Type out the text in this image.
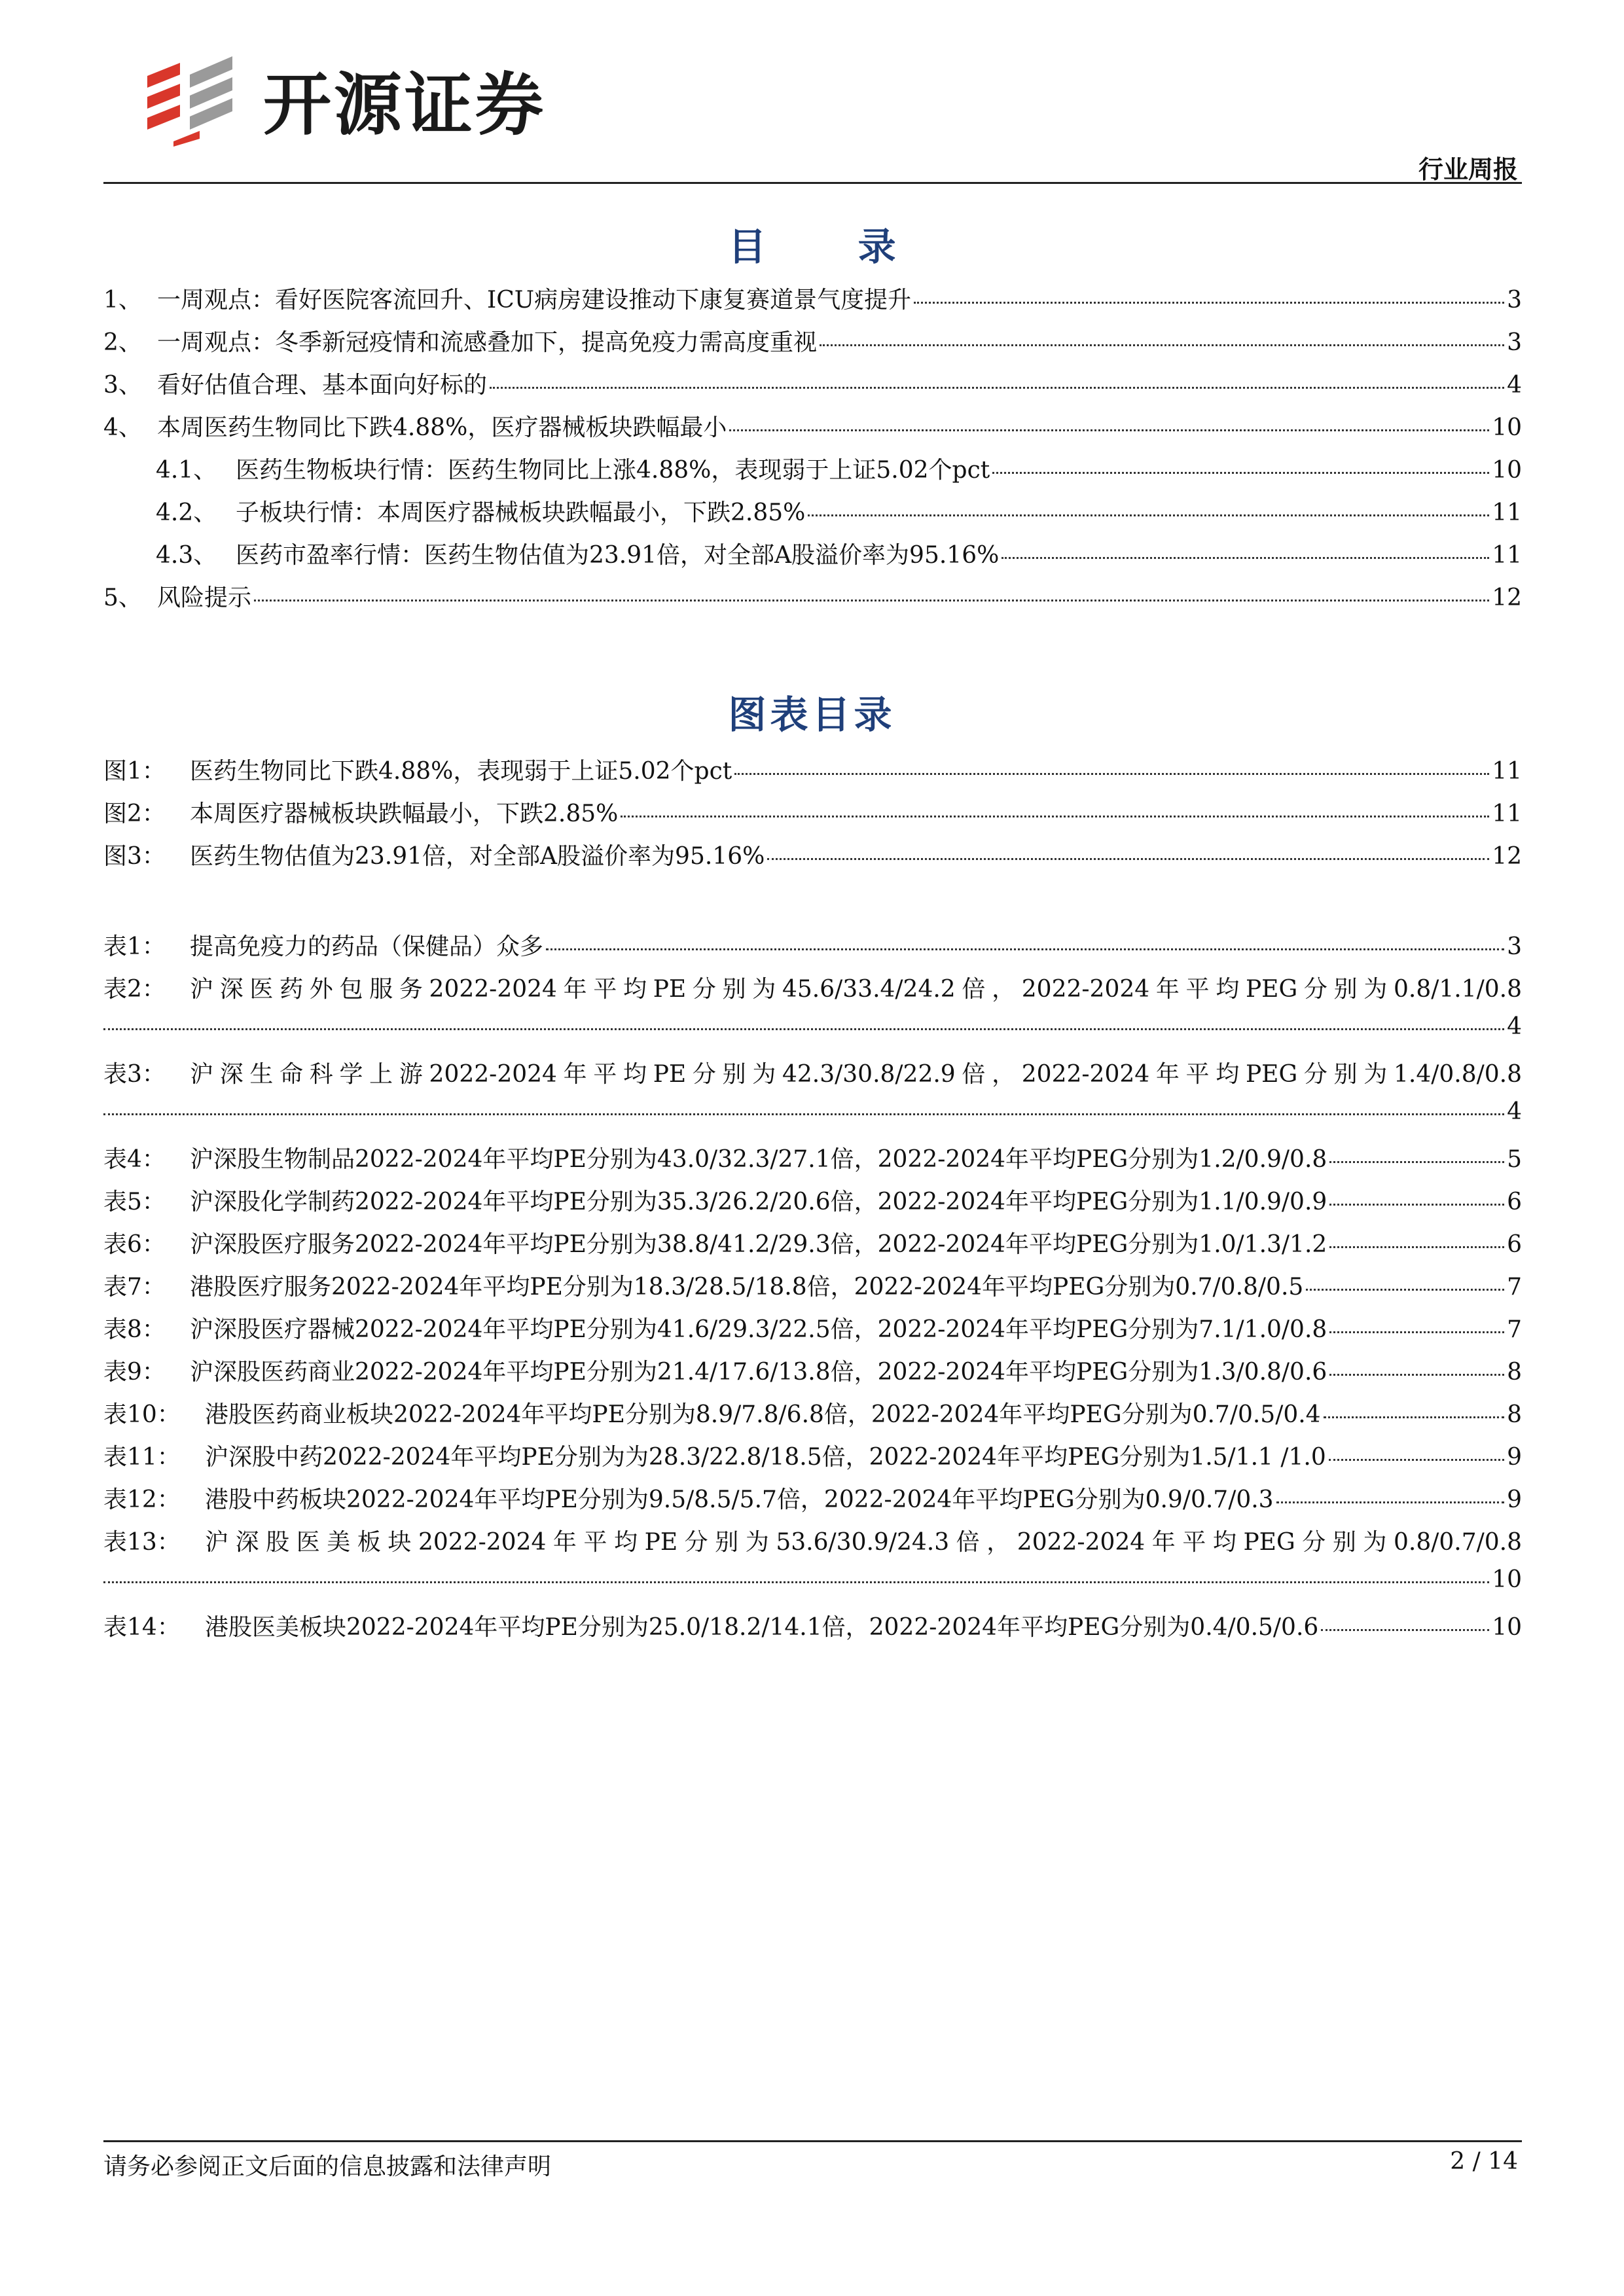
开源证券
行业周报
目 录
1、 一周观点：看好医院客流回升、ICU病房建设推动下康复赛道景气度提升	3
2、 一周观点：冬季新冠疫情和流感叠加下，提高免疫力需高度重视	3
3、 看好估值合理、基本面向好标的	4
4、 本周医药生物同比下跌4.88%，医疗器械板块跌幅最小	10
4.1、 医药生物板块行情：医药生物同比上涨4.88%，表现弱于上证5.02个pct	10
4.2、 子板块行情：本周医疗器械板块跌幅最小，下跌2.85%	11
4.3、 医药市盈率行情：医药生物估值为23.91倍，对全部A股溢价率为95.16%	11
5、 风险提示	12
图表目录
图1：	医药生物同比下跌4.88%，表现弱于上证5.02个pct	11
图2：	本周医疗器械板块跌幅最小，下跌2.85%	11
图3：	医药生物估值为23.91倍，对全部A股溢价率为95.16%	12
表1：	提高免疫力的药品（保健品）众多	3
表2：	沪深医药外包服务2022-2024年平均PE分别为45.6/33.4/24.2倍，2022-2024年平均PEG分别为0.8/1.1/0.8
4
表3：	沪深生命科学上游2022-2024年平均PE分别为42.3/30.8/22.9倍，2022-2024年平均PEG分别为1.4/0.8/0.8
4
表4：	沪深股生物制品2022-2024年平均PE分别为43.0/32.3/27.1倍，2022-2024年平均PEG分别为1.2/0.9/0.8	5
表5：	沪深股化学制药2022-2024年平均PE分别为35.3/26.2/20.6倍，2022-2024年平均PEG分别为1.1/0.9/0.9	6
表6：	沪深股医疗服务2022-2024年平均PE分别为38.8/41.2/29.3倍，2022-2024年平均PEG分别为1.0/1.3/1.2	6
表7：	港股医疗服务2022-2024年平均PE分别为18.3/28.5/18.8倍，2022-2024年平均PEG分别为0.7/0.8/0.5	7
表8：	沪深股医疗器械2022-2024年平均PE分别为41.6/29.3/22.5倍，2022-2024年平均PEG分别为7.1/1.0/0.8	7
表9：	沪深股医药商业2022-2024年平均PE分别为21.4/17.6/13.8倍，2022-2024年平均PEG分别为1.3/0.8/0.6	8
表10：	港股医药商业板块2022-2024年平均PE分别为8.9/7.8/6.8倍，2022-2024年平均PEG分别为0.7/0.5/0.4	8
表11：	沪深股中药2022-2024年平均PE分别为为28.3/22.8/18.5倍，2022-2024年平均PEG分别为1.5/1.1 /1.0	9
表12：	港股中药板块2022-2024年平均PE分别为9.5/8.5/5.7倍，2022-2024年平均PEG分别为0.9/0.7/0.3	9
表13：	沪深股医美板块2022-2024年平均PE分别为53.6/30.9/24.3倍，2022-2024年平均PEG分别为0.8/0.7/0.8
10
表14：	港股医美板块2022-2024年平均PE分别为25.0/18.2/14.1倍，2022-2024年平均PEG分别为0.4/0.5/0.6	10
请务必参阅正文后面的信息披露和法律声明	2 / 14
